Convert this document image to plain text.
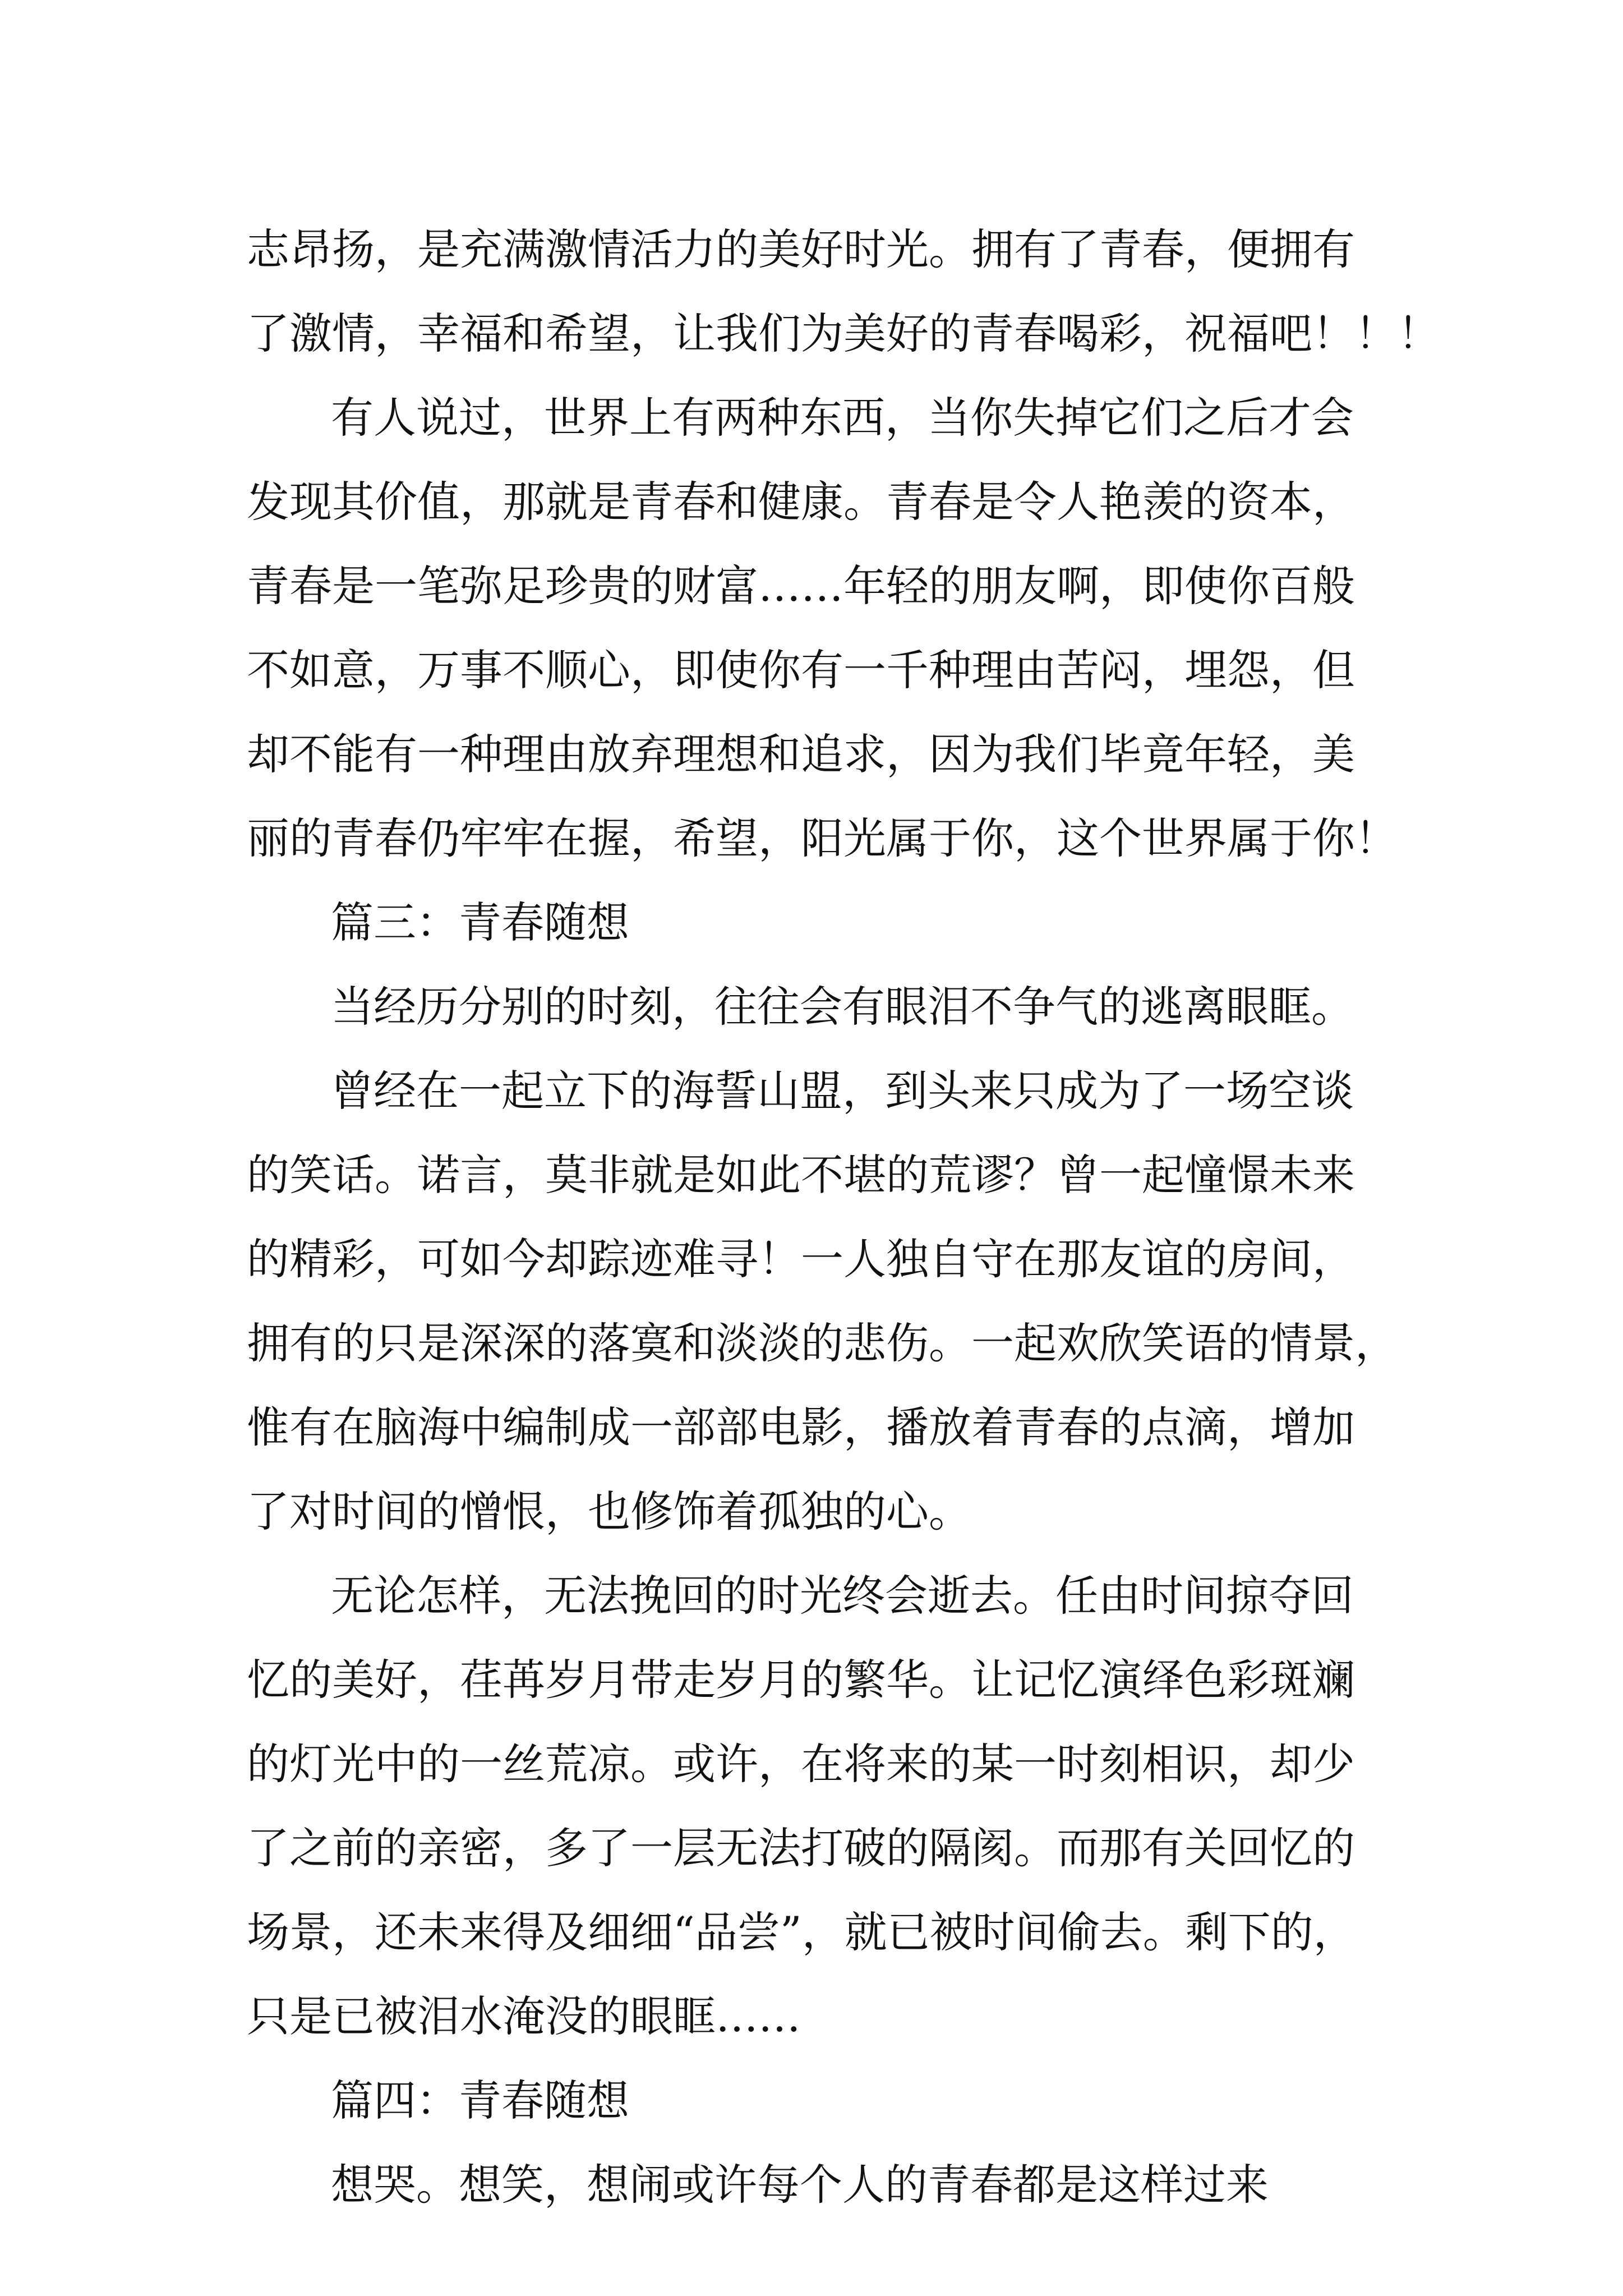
志昂扬，是充满激情活力的美好时光。拥有了青春，便拥有
了激情，幸福和希望，让我们为美好的青春喝彩，祝福吧！！！
有人说过，世界上有两种东西，当你失掉它们之后才会
发现其价值，那就是青春和健康。青春是令人艳羡的资本，
青春是一笔弥足珍贵的财富……年轻的朋友啊，即使你百般
不如意，万事不顺心，即使你有一千种理由苦闷，埋怨，但
却不能有一种理由放弃理想和追求，因为我们毕竟年轻，美
丽的青春仍牢牢在握，希望，阳光属于你，这个世界属于你！
篇三：青春随想
当经历分别的时刻，往往会有眼泪不争气的逃离眼眶。
曾经在一起立下的海誓山盟，到头来只成为了一场空谈
的笑话。诺言，莫非就是如此不堪的荒谬？曾一起憧憬未来
的精彩，可如今却踪迹难寻！一人独自守在那友谊的房间，
拥有的只是深深的落寞和淡淡的悲伤。一起欢欣笑语的情景，
惟有在脑海中编制成一部部电影，播放着青春的点滴，增加
了对时间的憎恨，也修饰着孤独的心。
无论怎样，无法挽回的时光终会逝去。任由时间掠夺回
忆的美好，荏苒岁月带走岁月的繁华。让记忆演绎色彩斑斓
的灯光中的一丝荒凉。或许，在将来的某一时刻相识，却少
了之前的亲密，多了一层无法打破的隔阂。而那有关回忆的
场景，还未来得及细细“品尝”，就已被时间偷去。剩下的，
只是已被泪水淹没的眼眶……
篇四：青春随想
想哭。想笑，想闹或许每个人的青春都是这样过来
